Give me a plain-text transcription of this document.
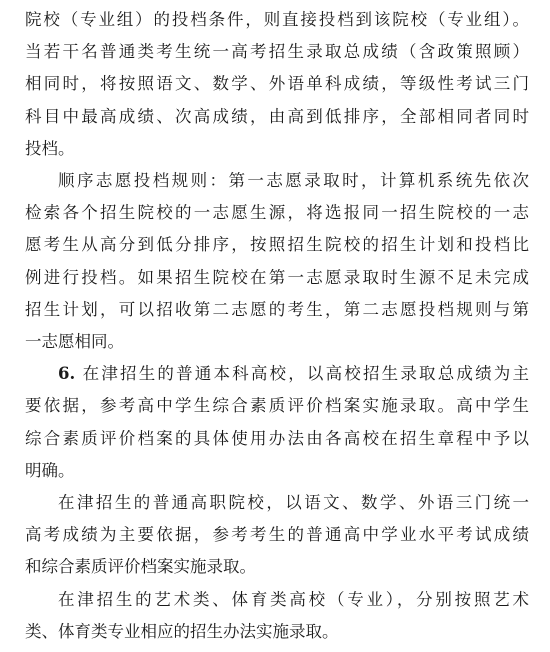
院校（专业组）的投档条件，则直接投档到该院校（专业组）。
当若干名普通类考生统一高考招生录取总成绩（含政策照顾）
相同时，将按照语文、数学、外语单科成绩，等级性考试三门
科目中最高成绩、次高成绩，由高到低排序，全部相同者同时
投档。
顺序志愿投档规则：第一志愿录取时，计算机系统先依次
检索各个招生院校的一志愿生源，将选报同一招生院校的一志
愿考生从高分到低分排序，按照招生院校的招生计划和投档比
例进行投档。如果招生院校在第一志愿录取时生源不足未完成
招生计划，可以招收第二志愿的考生，第二志愿投档规则与第
一志愿相同。
6. 在津招生的普通本科高校，以高校招生录取总成绩为主
要依据，参考高中学生综合素质评价档案实施录取。高中学生
综合素质评价档案的具体使用办法由各高校在招生章程中予以
明确。
在津招生的普通高职院校，以语文、数学、外语三门统一
高考成绩为主要依据，参考考生的普通高中学业水平考试成绩
和综合素质评价档案实施录取。
在津招生的艺术类、体育类高校（专业），分别按照艺术
类、体育类专业相应的招生办法实施录取。
